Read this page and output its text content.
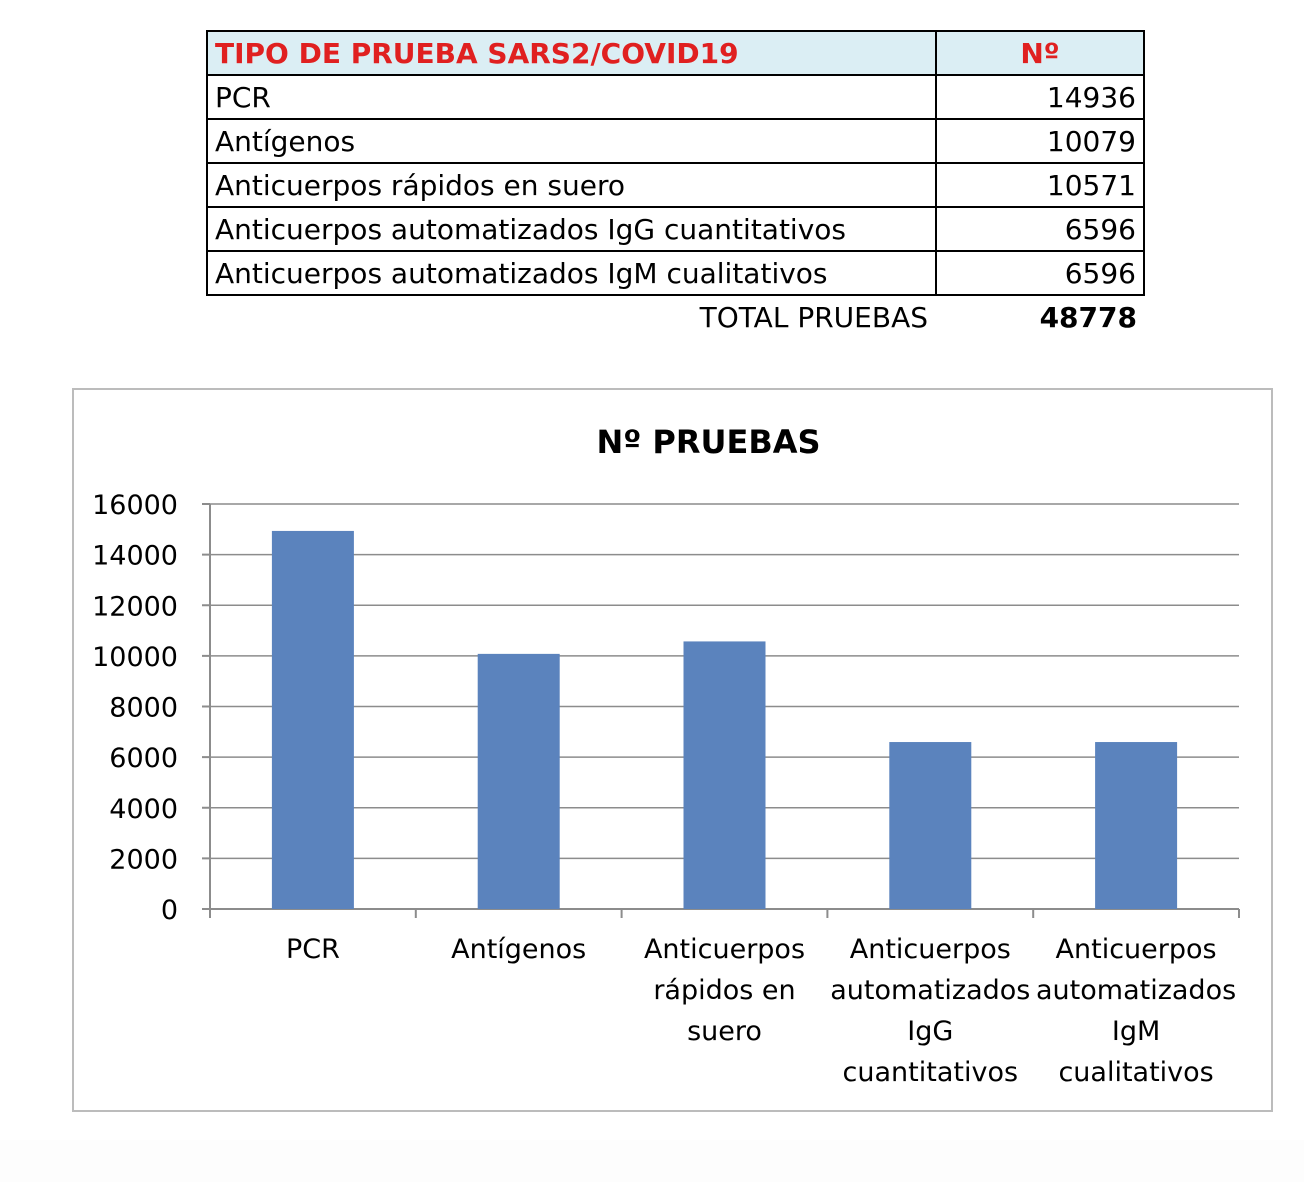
TIPO DE PRUEBA SARS2/COVID19	Nº
PCR	14936
Antígenos	10079
Anticuerpos rápidos en suero	10571
Anticuerpos automatizados IgG cuantitativos	6596
Anticuerpos automatizados IgM cualitativos	6596
TOTAL PRUEBAS	48778
Nº PRUEBAS
0
2000
4000
6000
8000
10000
12000
14000
16000
PCR	Antígenos Anticuerpos rápidos en suero
Anticuerpos automatizados IgG cuantitativos
Anticuerpos automatizados IgM cualitativos
